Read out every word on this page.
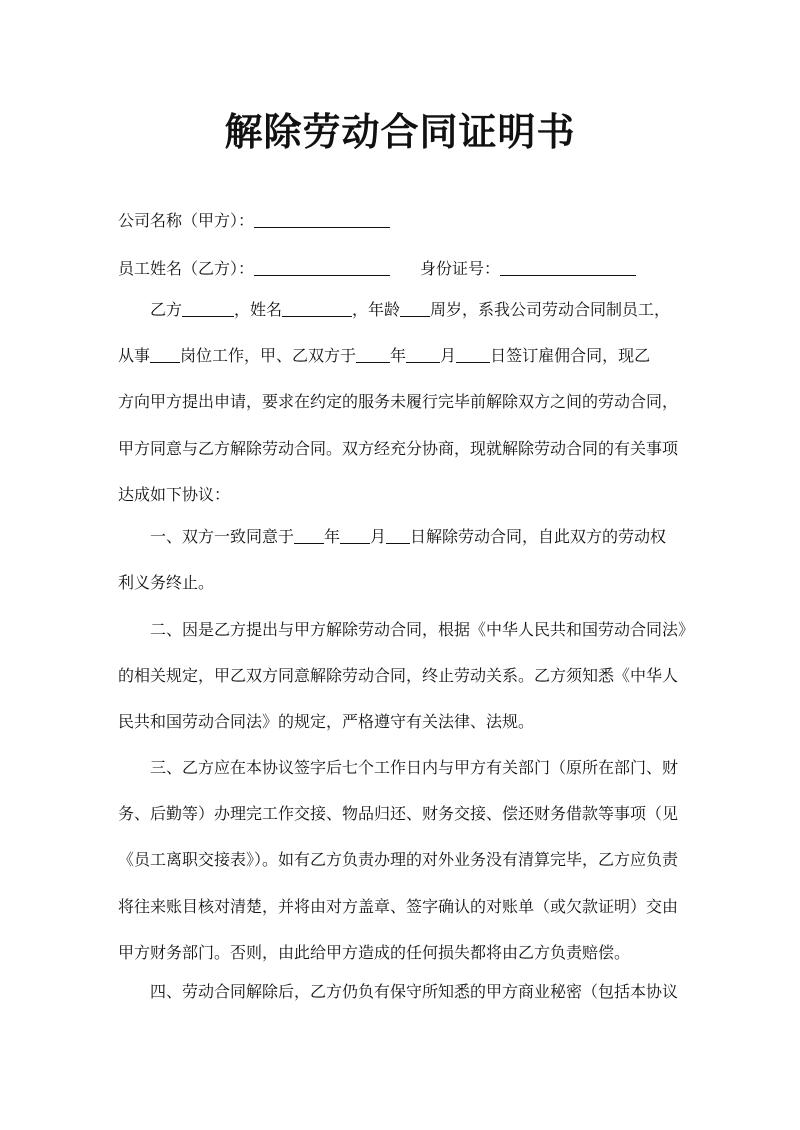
解除劳动合同证明书
公司名称（甲方）：
员工姓名（乙方）：	身份证号：
乙方	，姓名	，年龄 周岁，系我公司劳动合同制员工，
从事 岗位工作，甲、乙双方于 年 月 日签订雇佣合同，现乙
方向甲方提出申请，要求在约定的服务未履行完毕前解除双方之间的劳动合同，
甲方同意与乙方解除劳动合同。双方经充分协商，现就解除劳动合同的有关事项
达成如下协议：
一、双方一致同意于 年 月 日解除劳动合同，自此双方的劳动权
利义务终止。
二、因是乙方提出与甲方解除劳动合同，根据《中华人民共和国劳动合同法》
的相关规定，甲乙双方同意解除劳动合同，终止劳动关系。乙方须知悉《中华人
民共和国劳动合同法》的规定，严格遵守有关法律、法规。
三、乙方应在本协议签字后七个工作日内与甲方有关部门（原所在部门、财
务、后勤等）办理完工作交接、物品归还、财务交接、偿还财务借款等事项（见
《员工离职交接表》）。如有乙方负责办理的对外业务没有清算完毕，乙方应负责
将往来账目核对清楚，并将由对方盖章、签字确认的对账单（或欠款证明）交由
甲方财务部门。否则，由此给甲方造成的任何损失都将由乙方负责赔偿。
四、劳动合同解除后，乙方仍负有保守所知悉的甲方商业秘密（包括本协议
